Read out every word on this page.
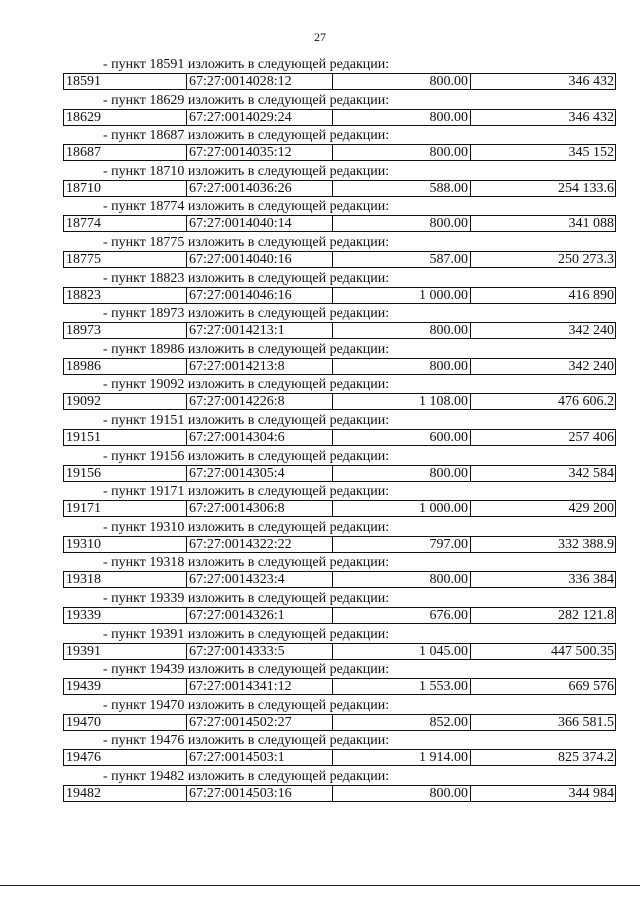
27
- пункт 18591 изложить в следующей редакции:
18591	67:27:0014028:12	800.00	346 432
- пункт 18629 изложить в следующей редакции:
18629	67:27:0014029:24	800.00	346 432
- пункт 18687 изложить в следующей редакции:
18687	67:27:0014035:12	800.00	345 152
- пункт 18710 изложить в следующей редакции:
18710	67:27:0014036:26	588.00	254 133.6
- пункт 18774 изложить в следующей редакции:
18774	67:27:0014040:14	800.00	341 088
- пункт 18775 изложить в следующей редакции:
18775	67:27:0014040:16	587.00	250 273.3
- пункт 18823 изложить в следующей редакции:
18823	67:27:0014046:16	1 000.00	416 890
- пункт 18973 изложить в следующей редакции:
18973	67:27:0014213:1	800.00	342 240
- пункт 18986 изложить в следующей редакции:
18986	67:27:0014213:8	800.00	342 240
- пункт 19092 изложить в следующей редакции:
19092	67:27:0014226:8	1 108.00	476 606.2
- пункт 19151 изложить в следующей редакции:
19151	67:27:0014304:6	600.00	257 406
- пункт 19156 изложить в следующей редакции:
19156	67:27:0014305:4	800.00	342 584
- пункт 19171 изложить в следующей редакции:
19171	67:27:0014306:8	1 000.00	429 200
- пункт 19310 изложить в следующей редакции:
19310	67:27:0014322:22	797.00	332 388.9
- пункт 19318 изложить в следующей редакции:
19318	67:27:0014323:4	800.00	336 384
- пункт 19339 изложить в следующей редакции:
19339	67:27:0014326:1	676.00	282 121.8
- пункт 19391 изложить в следующей редакции:
19391	67:27:0014333:5	1 045.00	447 500.35
- пункт 19439 изложить в следующей редакции:
19439	67:27:0014341:12	1 553.00	669 576
- пункт 19470 изложить в следующей редакции:
19470	67:27:0014502:27	852.00	366 581.5
- пункт 19476 изложить в следующей редакции:
19476	67:27:0014503:1	1 914.00	825 374.2
- пункт 19482 изложить в следующей редакции:
19482	67:27:0014503:16	800.00	344 984
